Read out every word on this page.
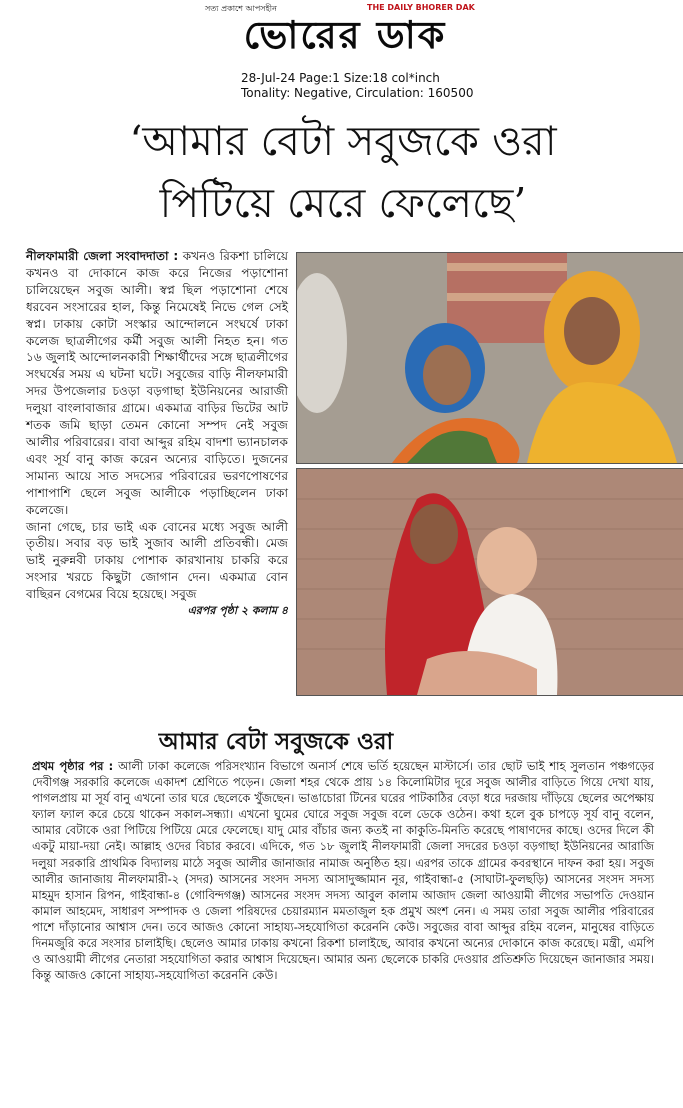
সত্য প্রকাশে আপসহীন	THE DAILY BHORER DAK
ভোরের ডাক
28-Jul-24 Page:1 Size:18 col*inch
Tonality: Negative, Circulation: 160500
‘আমার বেটা সবুজকে ওরা
পিটিয়ে মেরে ফেলেছে’

নীলফামারী জেলা সংবাদদাতা : কখনও রিকশা চালিয়ে কখনও বা দোকানে কাজ করে নিজের পড়াশোনা চালিয়েছেন সবুজ আলী। স্বপ্ন ছিল পড়াশোনা শেষে ধরবেন সংসারের হাল, কিন্তু নিমেষেই নিভে গেল সেই স্বপ্ন। ঢাকায় কোটা সংস্কার আন্দোলনে সংঘর্ষে ঢাকা কলেজ ছাত্রলীগের কর্মী সবুজ আলী নিহত হন। গত ১৬ জুলাই আন্দোলনকারী শিক্ষার্থীদের সঙ্গে ছাত্রলীগের সংঘর্ষের সময় এ ঘটনা ঘটে। সবুজের বাড়ি নীলফামারী সদর উপজেলার চওড়া বড়গাছা ইউনিয়নের আরাজী দলুয়া বাংলাবাজার গ্রামে। একমাত্র বাড়ির ভিটের আট শতক জমি ছাড়া তেমন কোনো সম্পদ নেই সবুজ আলীর পরিবারের। বাবা আব্দুর রহিম বাদশা ভ্যানচালক এবং সূর্য বানু কাজ করেন অন্যের বাড়িতে। দুজনের সামান্য আয়ে সাত সদস্যের পরিবারের ভরণপোষণের পাশাপাশি ছেলে সবুজ আলীকে পড়াচ্ছিলেন ঢাকা কলেজে।

জানা গেছে, চার ভাই এক বোনের মধ্যে সবুজ আলী তৃতীয়। সবার বড় ভাই সুজাব আলী প্রতিবন্ধী। মেজ ভাই নুরুন্নবী ঢাকায় পোশাক কারখানায় চাকরি করে সংসার খরচে কিছুটা জোগান দেন। একমাত্র বোন বাছিরন বেগমের বিয়ে হয়েছে। সবুজ
এরপর পৃষ্ঠা ২ কলাম ৪

আমার বেটা সবুজকে ওরা
প্রথম পৃষ্ঠার পর : আলী ঢাকা কলেজে পরিসংখ্যান বিভাগে অনার্স শেষে ভর্তি হয়েছেন মাস্টার্সে। তার ছোট ভাই শাহ সুলতান পঞ্চগড়ের দেবীগঞ্জ সরকারি কলেজে একাদশ শ্রেণিতে পড়েন। জেলা শহর থেকে প্রায় ১৪ কিলোমিটার দূরে সবুজ আলীর বাড়িতে গিয়ে দেখা যায়, পাগলপ্রায় মা সূর্য বানু এখনো তার ঘরে ছেলেকে খুঁজছেন। ভাঙাচোরা টিনের ঘরের পাটকাঠির বেড়া ধরে দরজায় দাঁড়িয়ে ছেলের অপেক্ষায় ফ্যাল ফ্যাল করে চেয়ে থাকেন সকাল-সন্ধ্যা। এখনো ঘুমের ঘোরে সবুজ সবুজ বলে ডেকে ওঠেন। কথা হলে বুক চাপড়ে সূর্য বানু বলেন, আমার বেটাকে ওরা পিটিয়ে পিটিয়ে মেরে ফেলেছে। যাদু মোর বাঁচার জন্য কতই না কাকুতি-মিনতি করেছে পাষাণদের কাছে। ওদের দিলে কী একটু মায়া-দয়া নেই। আল্লাহ ওদের বিচার করবে। এদিকে, গত ১৮ জুলাই নীলফামারী জেলা সদরের চওড়া বড়গাছা ইউনিয়নের আরাজি দলুয়া সরকারি প্রাথমিক বিদ্যালয় মাঠে সবুজ আলীর জানাজার নামাজ অনুষ্ঠিত হয়। এরপর তাকে গ্রামের কবরস্থানে দাফন করা হয়। সবুজ আলীর জানাজায় নীলফামারী-২ (সদর) আসনের সংসদ সদস্য আসাদুজ্জামান নূর, গাইবান্ধা-৫ (সাঘাটা-ফুলছড়ি) আসনের সংসদ সদস্য মাহমুদ হাসান রিপন, গাইবান্ধা-৪ (গোবিন্দগঞ্জ) আসনের সংসদ সদস্য আবুল কালাম আজাদ জেলা আওয়ামী লীগের সভাপতি দেওয়ান কামাল আহমেদ, সাধারণ সম্পাদক ও জেলা পরিষদের চেয়ারম্যান মমতাজুল হক প্রমুখ অংশ নেন। এ সময় তারা সবুজ আলীর পরিবারের পাশে দাঁড়ানোর আশ্বাস দেন। তবে আজও কোনো সাহায্য-সহযোগিতা করেননি কেউ। সবুজের বাবা আব্দুর রহিম বলেন, মানুষের বাড়িতে দিনমজুরি করে সংসার চালাইছি। ছেলেও আমার ঢাকায় কখনো রিকশা চালাইছে, আবার কখনো অন্যের দোকানে কাজ করেছে। মন্ত্রী, এমপি ও আওয়ামী লীগের নেতারা সহযোগিতা করার আশ্বাস দিয়েছেন। আমার অন্য ছেলেকে চাকরি দেওয়ার প্রতিশ্রুতি দিয়েছেন জানাজার সময়। কিন্তু আজও কোনো সাহায্য-সহযোগিতা করেননি কেউ।
